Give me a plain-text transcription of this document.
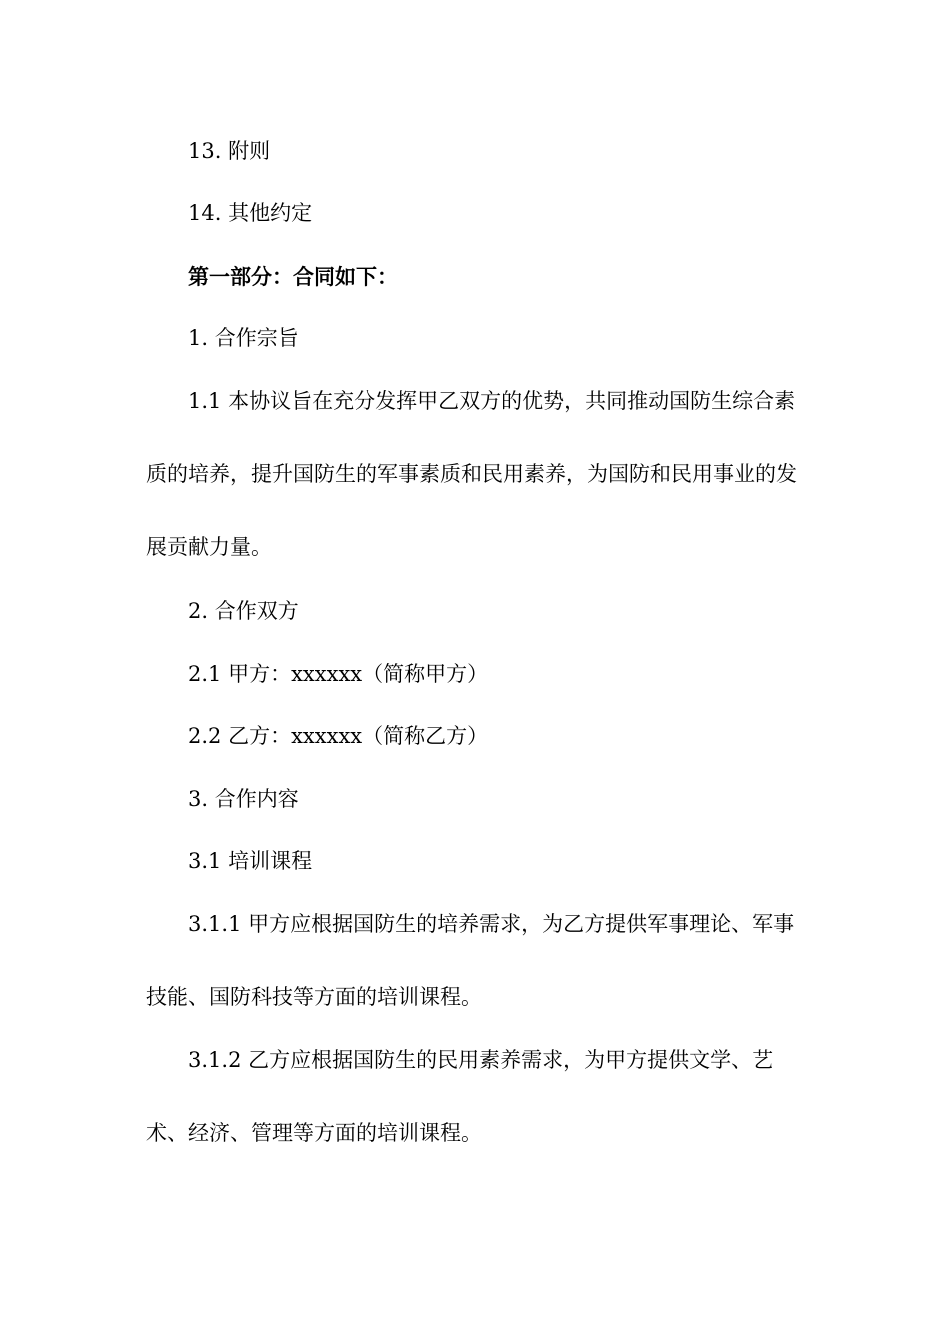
13. 附则

14. 其他约定

第一部分：合同如下：

1. 合作宗旨

1.1 本协议旨在充分发挥甲乙双方的优势，共同推动国防生综合素质的培养，提升国防生的军事素质和民用素养，为国防和民用事业的发展贡献力量。

2. 合作双方

2.1 甲方：xxxxxx（简称甲方）

2.2 乙方：xxxxxx（简称乙方）

3. 合作内容

3.1 培训课程

3.1.1 甲方应根据国防生的培养需求，为乙方提供军事理论、军事技能、国防科技等方面的培训课程。

3.1.2 乙方应根据国防生的民用素养需求，为甲方提供文学、艺术、经济、管理等方面的培训课程。
